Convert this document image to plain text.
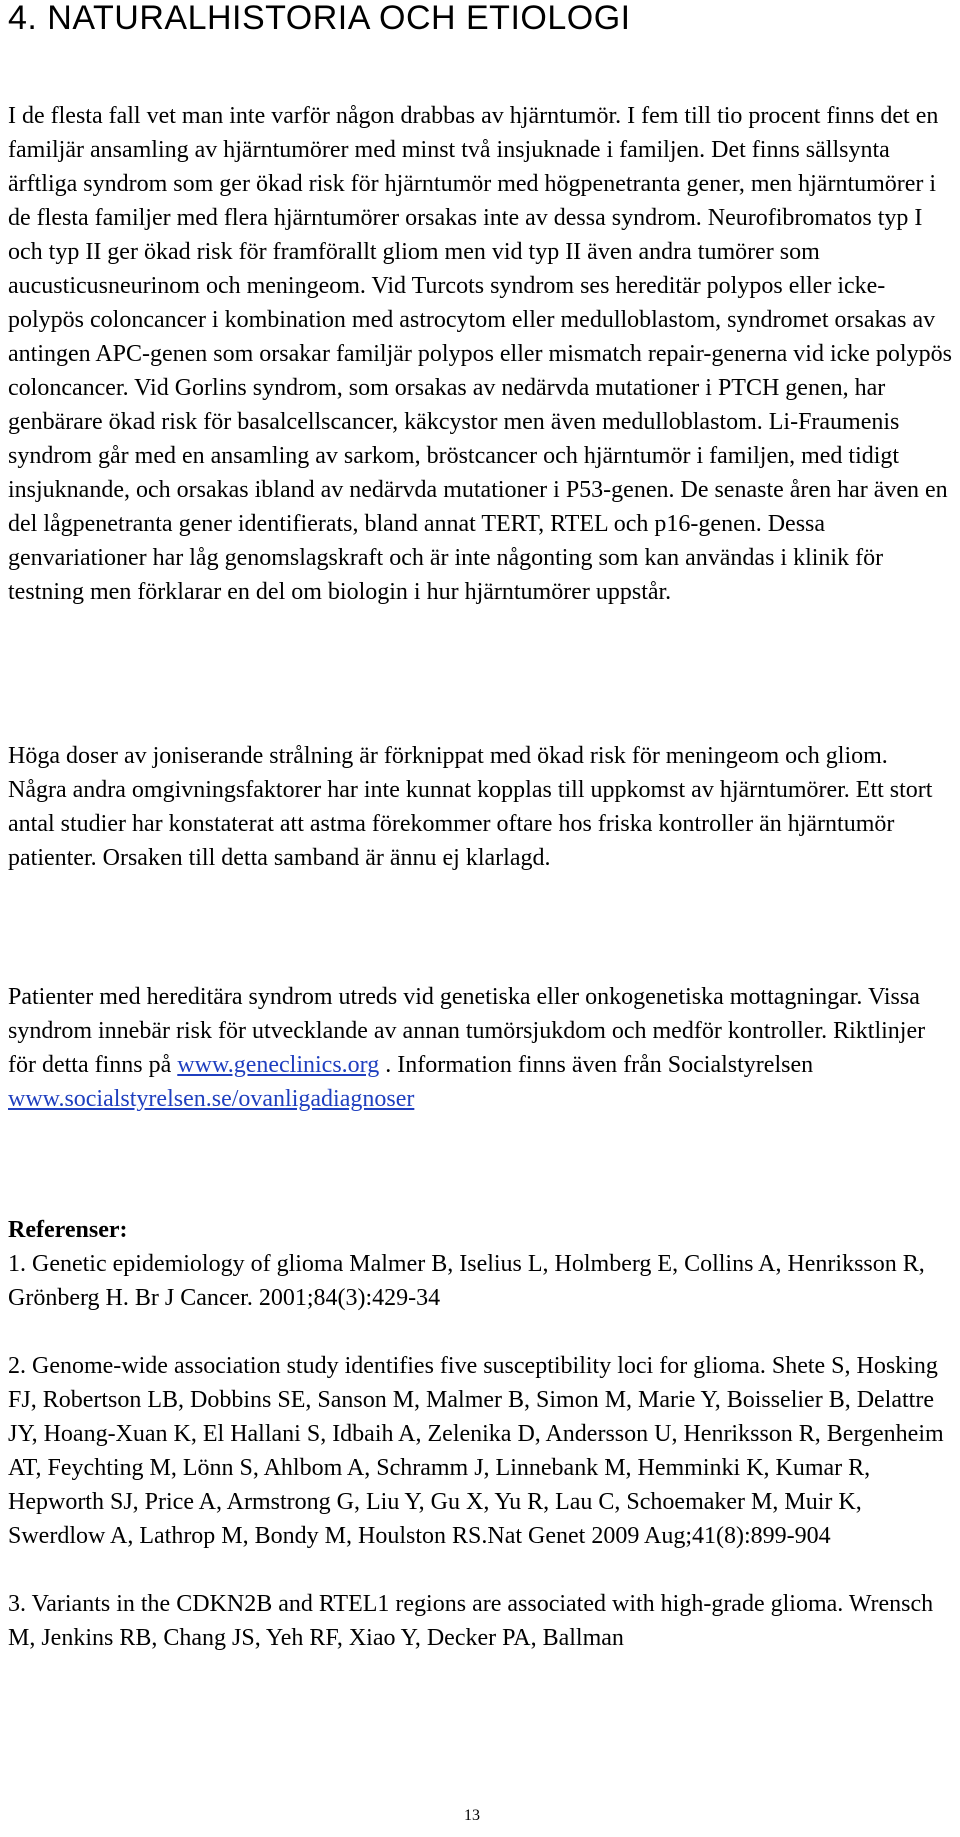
4. NATURALHISTORIA OCH ETIOLOGI

I de flesta fall vet man inte varför någon drabbas av hjärntumör. I fem till tio procent finns det en familjär ansamling av hjärntumörer med minst två insjuknade i familjen. Det finns sällsynta ärftliga syndrom som ger ökad risk för hjärntumör med högpenetranta gener, men hjärntumörer i de flesta familjer med flera hjärntumörer orsakas inte av dessa syndrom. Neurofibromatos typ I och typ II ger ökad risk för framförallt gliom men vid typ II även andra tumörer som aucusticusneurinom och meningeom. Vid Turcots syndrom ses hereditär polypos eller icke-polypös coloncancer i kombination med astrocytom eller medulloblastom, syndromet orsakas av antingen APC-genen som orsakar familjär polypos eller mismatch repair-generna vid icke polypös coloncancer. Vid Gorlins syndrom, som orsakas av nedärvda mutationer i PTCH genen, har genbärare ökad risk för basalcellscancer, käkcystor men även medulloblastom. Li-Fraumenis syndrom går med en ansamling av sarkom, bröstcancer och hjärntumör i familjen, med tidigt insjuknande, och orsakas ibland av nedärvda mutationer i P53-genen. De senaste åren har även en del lågpenetranta gener identifierats, bland annat TERT, RTEL och p16-genen. Dessa genvariationer har låg genomslagskraft och är inte någonting som kan användas i klinik för testning men förklarar en del om biologin i hur hjärntumörer uppstår.

Höga doser av joniserande strålning är förknippat med ökad risk för meningeom och gliom. Några andra omgivningsfaktorer har inte kunnat kopplas till uppkomst av hjärntumörer. Ett stort antal studier har konstaterat att astma förekommer oftare hos friska kontroller än hjärntumör patienter. Orsaken till detta samband är ännu ej klarlagd.

Patienter med hereditära syndrom utreds vid genetiska eller onkogenetiska mottagningar. Vissa syndrom innebär risk för utvecklande av annan tumörsjukdom och medför kontroller. Riktlinjer för detta finns på www.geneclinics.org . Information finns även från Socialstyrelsen
www.socialstyrelsen.se/ovanligadiagnoser

Referenser:

1. Genetic epidemiology of glioma Malmer B, Iselius L, Holmberg E, Collins A, Henriksson R, Grönberg H. Br J Cancer. 2001;84(3):429-34

2. Genome-wide association study identifies five susceptibility loci for glioma. Shete S, Hosking FJ, Robertson LB, Dobbins SE, Sanson M, Malmer B, Simon M, Marie Y, Boisselier B, Delattre JY, Hoang-Xuan K, El Hallani S, Idbaih A, Zelenika D, Andersson U, Henriksson R, Bergenheim AT, Feychting M, Lönn S, Ahlbom A, Schramm J, Linnebank M, Hemminki K, Kumar R, Hepworth SJ, Price A, Armstrong G, Liu Y, Gu X, Yu R, Lau C, Schoemaker M, Muir K, Swerdlow A, Lathrop M, Bondy M, Houlston RS.Nat Genet 2009 Aug;41(8):899-904

3. Variants in the CDKN2B and RTEL1 regions are associated with high-grade glioma. Wrensch M, Jenkins RB, Chang JS, Yeh RF, Xiao Y, Decker PA, Ballman

13
